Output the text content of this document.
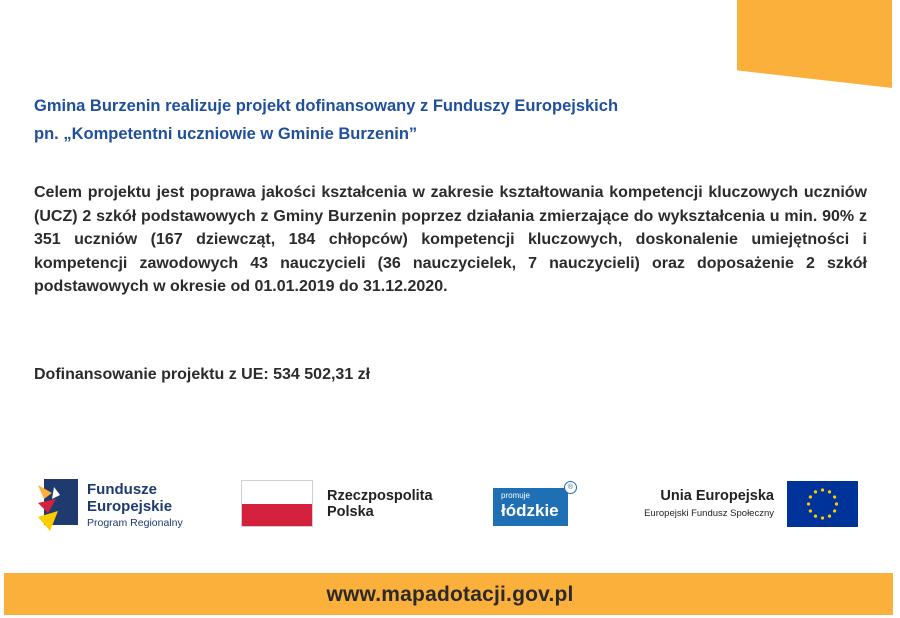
Gmina Burzenin realizuje projekt dofinansowany z Funduszy Europejskich
pn. „Kompetentni uczniowie w Gminie Burzenin”
Celem projektu jest poprawa jakości kształcenia w zakresie kształtowania kompetencji kluczowych uczniów (UCZ) 2 szkół podstawowych z Gminy Burzenin poprzez działania zmierzające do wykształcenia u min. 90% z 351 uczniów (167 dziewcząt, 184 chłopców) kompetencji kluczowych, doskonalenie umiejętności i kompetencji zawodowych 43 nauczycieli (36 nauczycielek, 7 nauczycieli) oraz doposażenie 2 szkół podstawowych w okresie od 01.01.2019 do 31.12.2020.
Dofinansowanie projektu z UE: 534 502,31 zł
Fundusze
Europejskie
Program Regionalny
Rzeczpospolita
Polska
promuje
łódzkie
®
Unia Europejska
Europejski Fundusz Społeczny
www.mapadotacji.gov.pl
